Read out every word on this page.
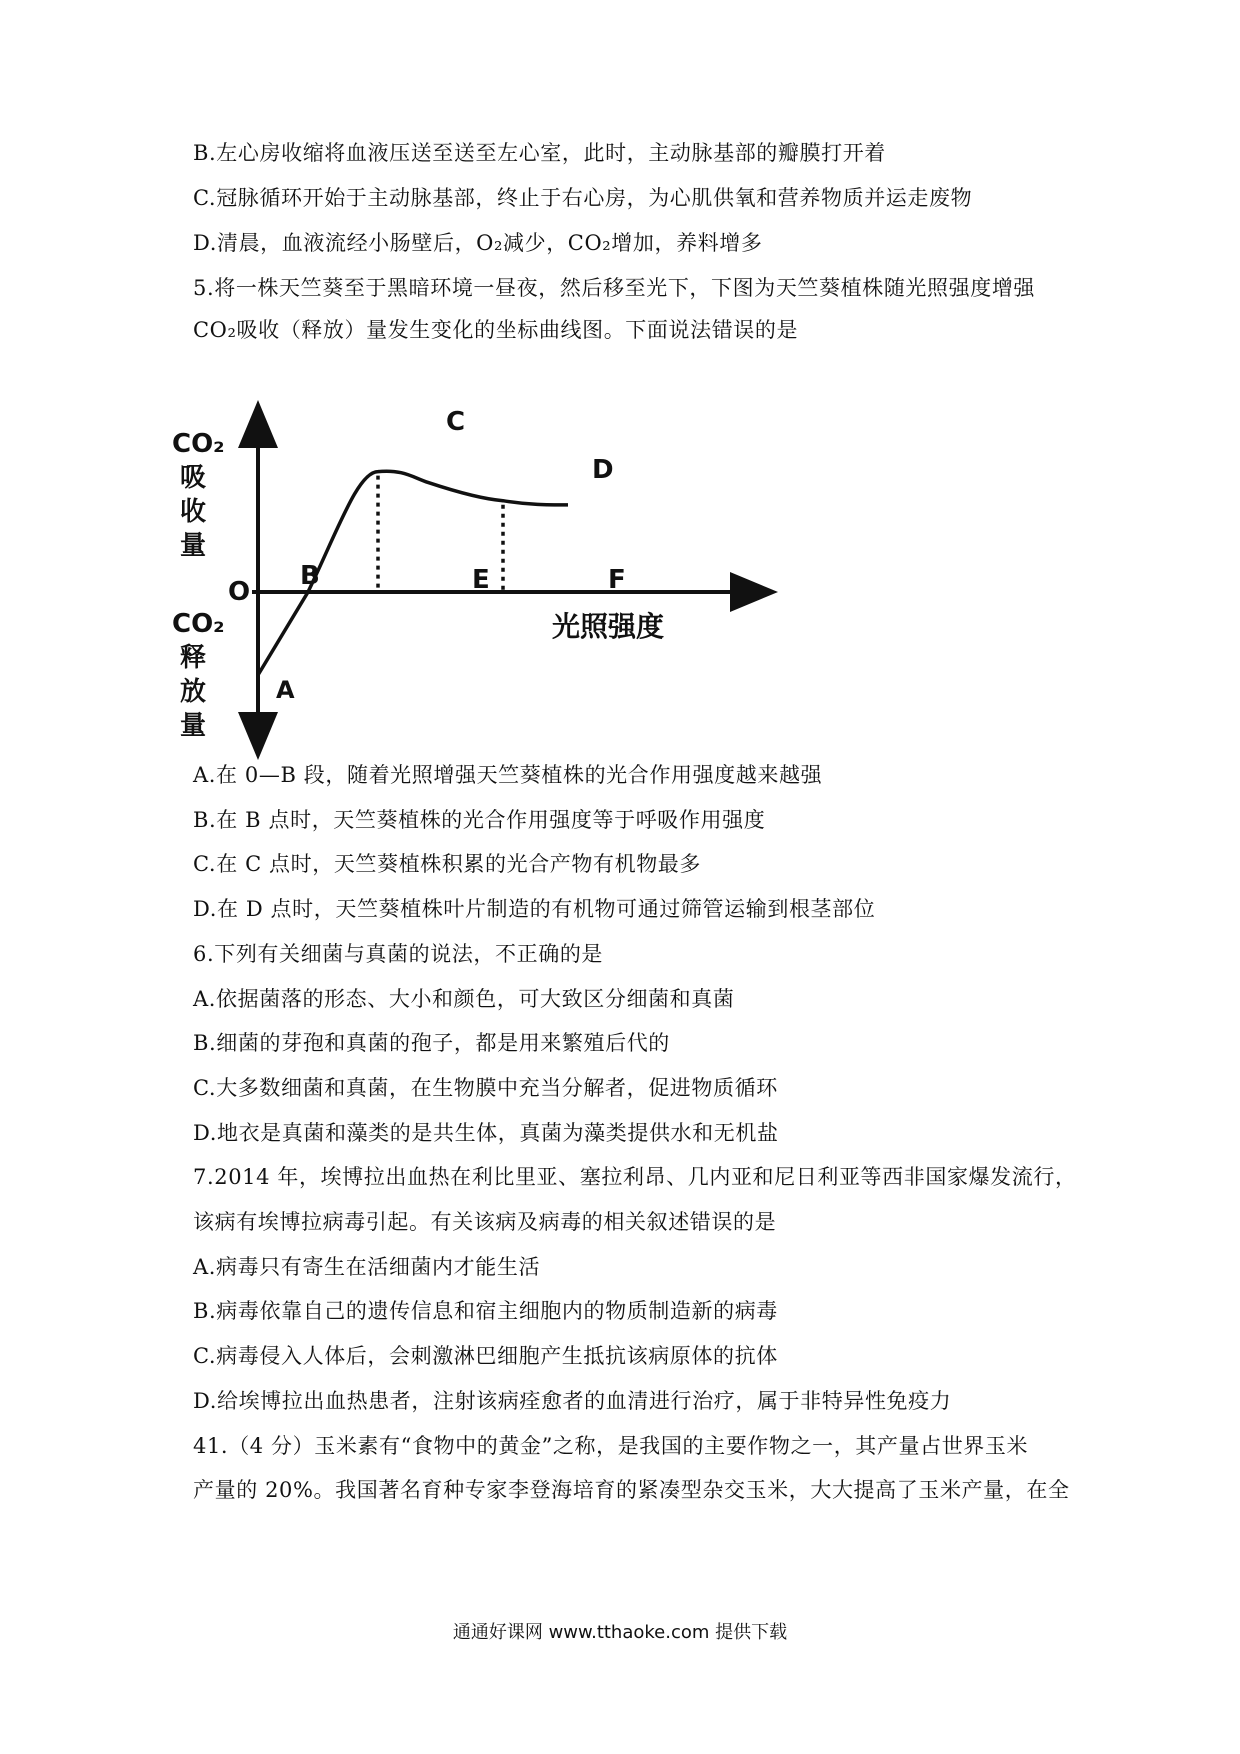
B.左心房收缩将血液压送至送至左心室，此时，主动脉基部的瓣膜打开着
C.冠脉循环开始于主动脉基部，终止于右心房，为心肌供氧和营养物质并运走废物
D.清晨，血液流经小肠壁后，O₂减少，CO₂增加，养料增多
5.将一株天竺葵至于黑暗环境一昼夜，然后移至光下，下图为天竺葵植株随光照强度增强
CO₂吸收（释放）量发生变化的坐标曲线图。下面说法错误的是
CO₂
吸
收
量
O
CO₂
释
放
量
光照强度
A
B
C
D
E	F
A.在 0—B 段，随着光照增强天竺葵植株的光合作用强度越来越强
B.在 B 点时，天竺葵植株的光合作用强度等于呼吸作用强度
C.在 C 点时，天竺葵植株积累的光合产物有机物最多
D.在 D 点时，天竺葵植株叶片制造的有机物可通过筛管运输到根茎部位
6.下列有关细菌与真菌的说法，不正确的是
A.依据菌落的形态、大小和颜色，可大致区分细菌和真菌
B.细菌的芽孢和真菌的孢子，都是用来繁殖后代的
C.大多数细菌和真菌，在生物膜中充当分解者，促进物质循环
D.地衣是真菌和藻类的是共生体，真菌为藻类提供水和无机盐
7.2014 年，埃博拉出血热在利比里亚、塞拉利昂、几内亚和尼日利亚等西非国家爆发流行，
该病有埃博拉病毒引起。有关该病及病毒的相关叙述错误的是
A.病毒只有寄生在活细菌内才能生活
B.病毒依靠自己的遗传信息和宿主细胞内的物质制造新的病毒
C.病毒侵入人体后，会刺激淋巴细胞产生抵抗该病原体的抗体
D.给埃博拉出血热患者，注射该病痊愈者的血清进行治疗，属于非特异性免疫力
41.（4 分）玉米素有“食物中的黄金”之称，是我国的主要作物之一，其产量占世界玉米
产量的 20%。我国著名育种专家李登海培育的紧凑型杂交玉米，大大提高了玉米产量，在全
通通好课网 www.tthaoke.com 提供下载
